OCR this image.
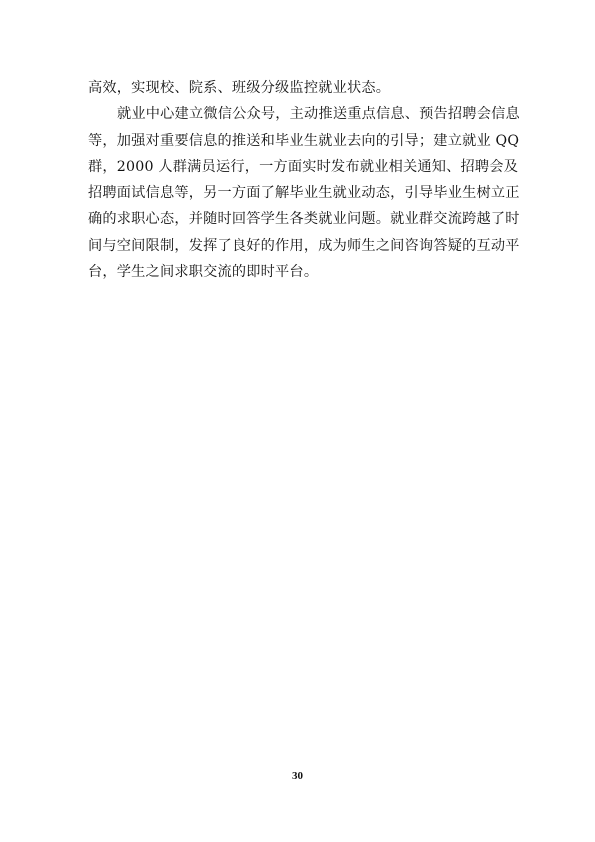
高效，实现校、院系、班级分级监控就业状态。
就业中心建立微信公众号，主动推送重点信息、预告招聘会信息
等，加强对重要信息的推送和毕业生就业去向的引导；建立就业 QQ
群，2000 人群满员运行，一方面实时发布就业相关通知、招聘会及
招聘面试信息等，另一方面了解毕业生就业动态，引导毕业生树立正
确的求职心态，并随时回答学生各类就业问题。就业群交流跨越了时
间与空间限制，发挥了良好的作用，成为师生之间咨询答疑的互动平
台，学生之间求职交流的即时平台。
30
